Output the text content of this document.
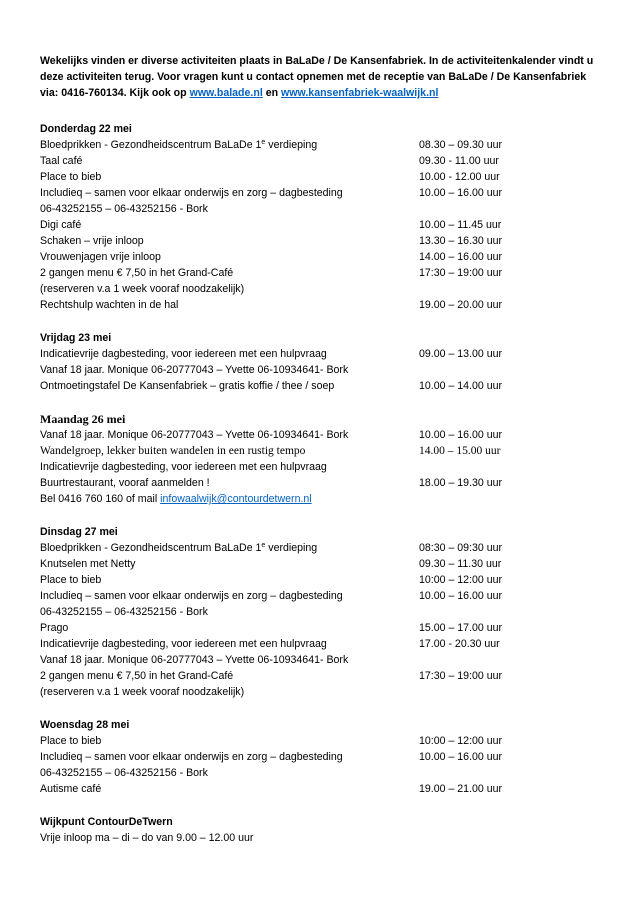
Wekelijks vinden er diverse activiteiten plaats in BaLaDe / De Kansenfabriek. In de activiteitenkalender vindt u deze activiteiten terug. Voor vragen kunt u contact opnemen met de receptie van BaLaDe / De Kansenfabriek via: 0416-760134. Kijk ook op www.balade.nl en www.kansenfabriek-waalwijk.nl

Donderdag 22 mei
Bloedprikken - Gezondheidscentrum BaLaDe 1e verdieping	08.30 – 09.30 uur
Taal café	09.30 - 11.00 uur
Place to bieb	10.00 - 12.00 uur
Includieq – samen voor elkaar onderwijs en zorg – dagbesteding	10.00 – 16.00 uur
06-43252155 – 06-43252156 - Bork
Digi café	10.00 – 11.45 uur
Schaken – vrije inloop	13.30 – 16.30 uur
Vrouwenjagen vrije inloop	14.00 – 16.00 uur
2 gangen menu € 7,50 in het Grand-Café	17:30 – 19:00 uur
(reserveren v.a 1 week vooraf noodzakelijk)
Rechtshulp wachten in de hal	19.00 – 20.00 uur
Vrijdag 23 mei
Indicatievrije dagbesteding, voor iedereen met een hulpvraag	09.00 – 13.00 uur
Vanaf 18 jaar. Monique 06-20777043 – Yvette 06-10934641- Bork
Ontmoetingstafel De Kansenfabriek – gratis koffie / thee / soep	10.00 – 14.00 uur
Maandag 26 mei
Vanaf 18 jaar. Monique 06-20777043 – Yvette 06-10934641- Bork	10.00 – 16.00 uur
Wandelgroep, lekker buiten wandelen in een rustig tempo	14.00 – 15.00 uur
Indicatievrije dagbesteding, voor iedereen met een hulpvraag
Buurtrestaurant, vooraf aanmelden !	18.00 – 19.30 uur
Bel 0416 760 160 of mail infowaalwijk@contourdetwern.nl
Dinsdag 27 mei
Bloedprikken - Gezondheidscentrum BaLaDe 1e verdieping	08:30 – 09:30 uur
Knutselen met Netty	09.30 – 11.30 uur
Place to bieb	10:00 – 12:00 uur
Includieq – samen voor elkaar onderwijs en zorg – dagbesteding	10.00 – 16.00 uur
06-43252155 – 06-43252156 - Bork
Prago	15.00 – 17.00 uur
Indicatievrije dagbesteding, voor iedereen met een hulpvraag	17.00 - 20.30 uur
Vanaf 18 jaar. Monique 06-20777043 – Yvette 06-10934641- Bork
2 gangen menu € 7,50 in het Grand-Café	17:30 – 19:00 uur
(reserveren v.a 1 week vooraf noodzakelijk)
Woensdag 28 mei
Place to bieb	10:00 – 12:00 uur
Includieq – samen voor elkaar onderwijs en zorg – dagbesteding	10.00 – 16.00 uur
06-43252155 – 06-43252156 - Bork
Autisme café	19.00 – 21.00 uur
Wijkpunt ContourDeTwern
Vrije inloop ma – di – do van 9.00 – 12.00 uur
